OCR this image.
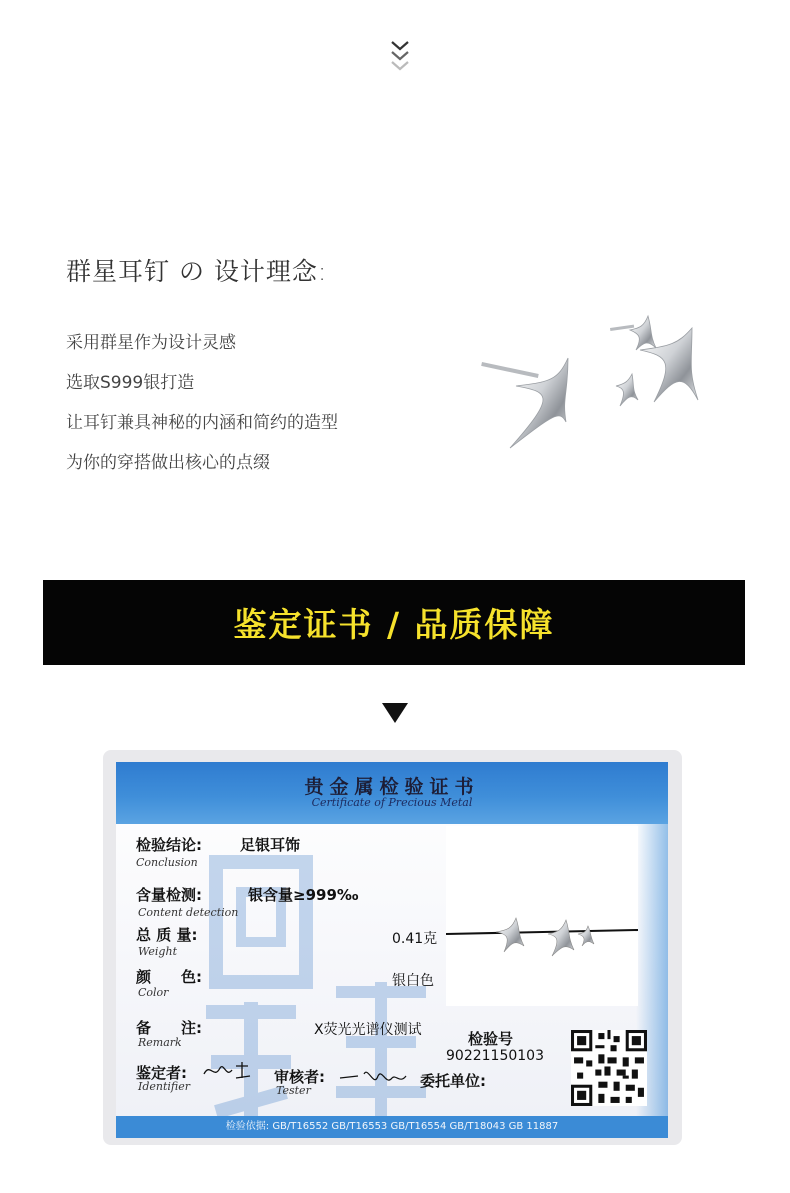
群星耳钉 の 设计理念:
采用群星作为设计灵感
选取S999银打造
让耳钉兼具神秘的内涵和简约的造型
为你的穿搭做出核心的点缀
鉴定证书 / 品质保障
贵金属检验证书
Certificate of Precious Metal
检验结论:	足银耳饰
Conclusion
含量检测:	银含量≥999‰
Content detection
总 质 量:	0.41克
Weight
颜　　色:	银白色
Color
备　　注:	X荧光光谱仪测试
Remark	检验号
90221150103
鉴定者:
Identifier
审核者:
Tester
委托单位:
检验依据: GB/T16552 GB/T16553 GB/T16554 GB/T18043 GB 11887
